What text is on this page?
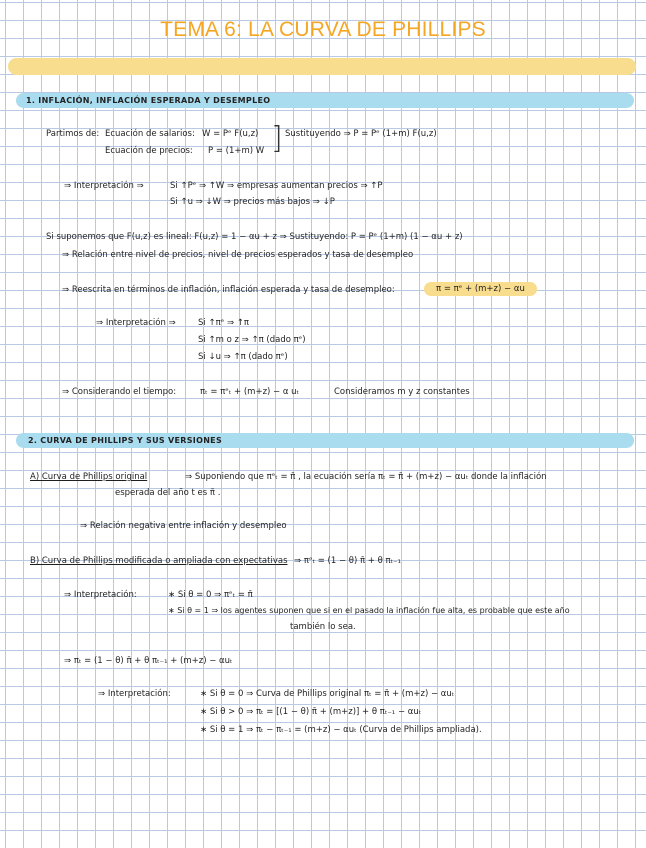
TEMA 6: LA CURVA DE PHILLIPS
1. INFLACIÓN, INFLACIÓN ESPERADA Y DESEMPLEO
Partimos de: Ecuación de salarios: W = Pᵉ F(u,z)
Ecuación de precios: P = (1+m) W ] Sustituyendo ⇒ P = Pᵉ (1+m) F(u,z)
⇒ Interpretación ⇒	Si ↑Pᵉ ⇒ ↑W ⇒ empresas aumentan precios ⇒ ↑P
Si ↑u ⇒ ↓W ⇒ precios más bajos ⇒ ↓P
Si suponemos que F(u,z) es lineal: F(u,z) = 1 − αu + z ⇒ Sustituyendo: P = Pᵉ (1+m) (1 − αu + z)
⇒ Relación entre nivel de precios, nivel de precios esperados y tasa de desempleo
⇒ Reescrita en términos de inflación, inflación esperada y tasa de desempleo:	π = πᵉ + (m+z) − αu
⇒ Interpretación ⇒	Si ↑πᵉ ⇒ ↑π
Si ↑m o z ⇒ ↑π (dado πᵉ)
Si ↓u ⇒ ↑π (dado πᵉ)
⇒ Considerando el tiempo:	πₜ = πᵉₜ + (m+z) − α uₜ	Consideramos m y z constantes
2. CURVA DE PHILLIPS Y SUS VERSIONES
A) Curva de Phillips original	⇒ Suponiendo que πᵉₜ = π̄ , la ecuación sería πₜ = π̄ + (m+z) − αuₜ donde la inflación
esperada del año t es π̄ .
⇒ Relación negativa entre inflación y desempleo
B) Curva de Phillips modificada o ampliada con expectativas ⇒ πᵉₜ = (1 − θ) π̄ + θ πₜ₋₁
⇒ Interpretación:	∗ Si θ = 0 ⇒ πᵉₜ = π̄
∗ Si θ = 1 ⇒ los agentes suponen que si en el pasado la inflación fue alta, es probable que este año
también lo sea.
⇒ πₜ = (1 − θ) π̄ + θ πₜ₋₁ + (m+z) − αuₜ
⇒ Interpretación:	∗ Si θ = 0 ⇒ Curva de Phillips original πₜ = π̄ + (m+z) − αuₜ
∗ Si θ > 0 ⇒ πₜ = [(1 − θ) π̄ + (m+z)] + θ πₜ₋₁ − αuₜ
∗ Si θ = 1 ⇒ πₜ − πₜ₋₁ = (m+z) − αuₜ (Curva de Phillips ampliada).
